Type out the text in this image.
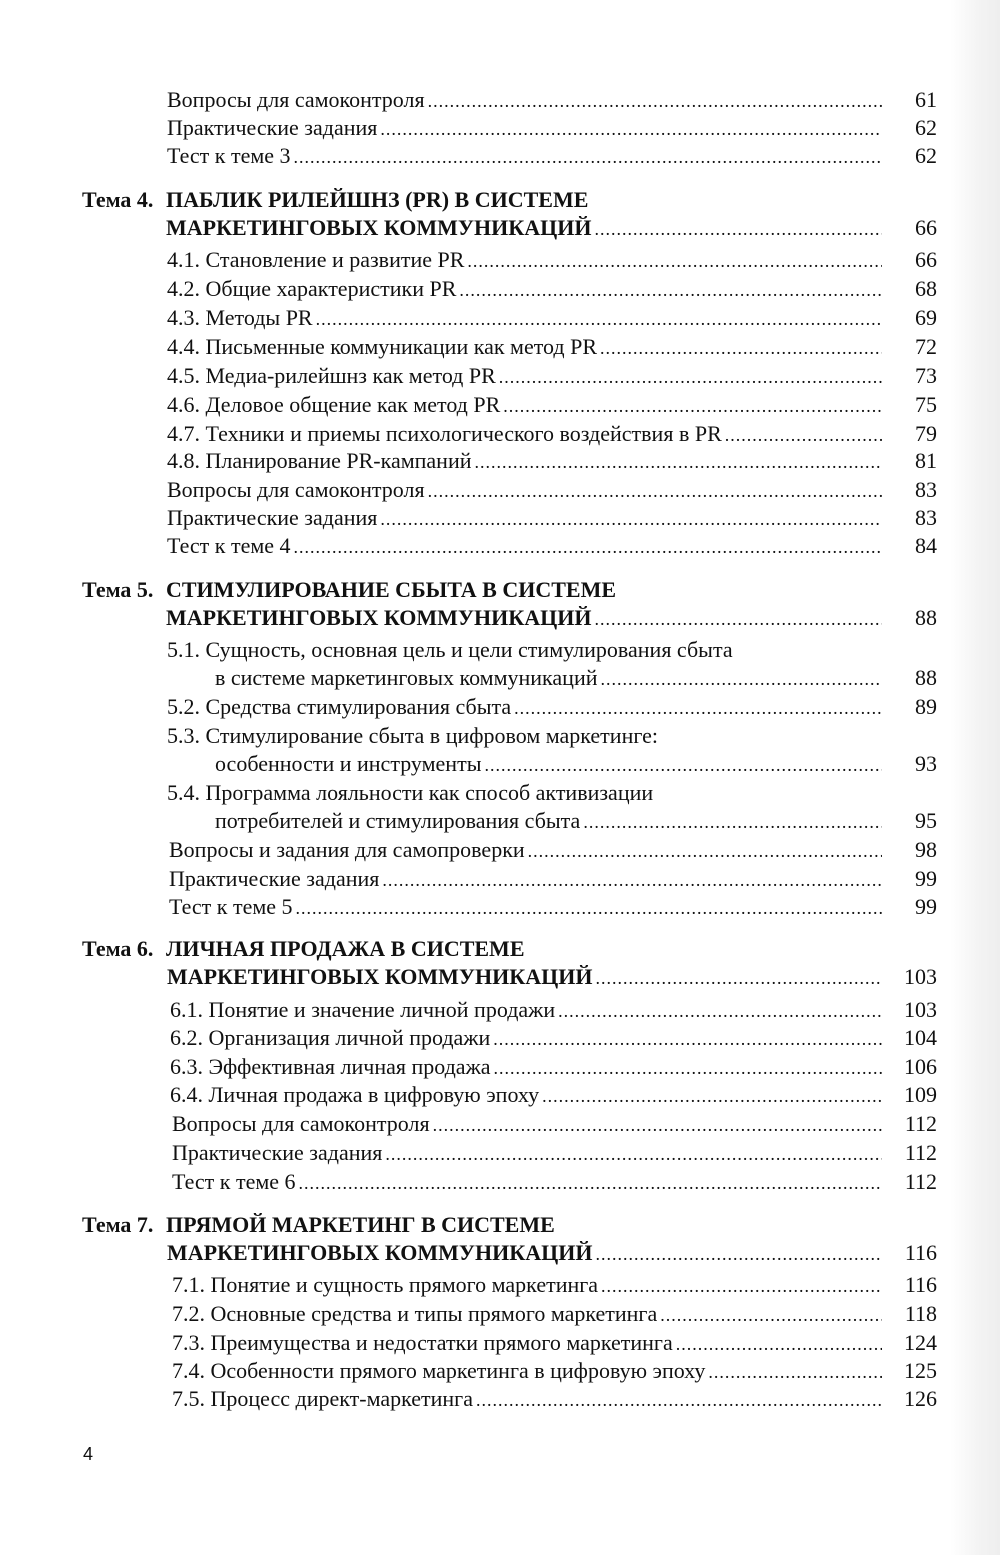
Вопросы для самоконтроля .....	61
Практические задания .....	62
Тест к теме 3 .....	62
Тема 4. ПАБЛИК РИЛЕЙШНЗ (PR) В СИСТЕМЕ
МАРКЕТИНГОВЫХ КОММУНИКАЦИЙ .....	66
4.1. Становление и развитие PR .....	66
4.2. Общие характеристики PR .....	68
4.3. Методы PR .....	69
4.4. Письменные коммуникации как метод PR .....	72
4.5. Медиа-рилейшнз как метод PR .....	73
4.6. Деловое общение как метод PR .....	75
4.7. Техники и приемы психологического воздействия в PR .....	79
4.8. Планирование PR-кампаний .....	81
Вопросы для самоконтроля .....	83
Практические задания .....	83
Тест к теме 4 .....	84
Тема 5. СТИМУЛИРОВАНИЕ СБЫТА В СИСТЕМЕ
МАРКЕТИНГОВЫХ КОММУНИКАЦИЙ .....	88
5.1. Сущность, основная цель и цели стимулирования сбыта
в системе маркетинговых коммуникаций .....	88
5.2. Средства стимулирования сбыта .....	89
5.3. Стимулирование сбыта в цифровом маркетинге:
особенности и инструменты .....	93
5.4. Программа лояльности как способ активизации
потребителей и стимулирования сбыта .....	95
Вопросы и задания для самопроверки .....	98
Практические задания .....	99
Тест к теме 5 .....	99
Тема 6. ЛИЧНАЯ ПРОДАЖА В СИСТЕМЕ
МАРКЕТИНГОВЫХ КОММУНИКАЦИЙ .....	103
6.1. Понятие и значение личной продажи .....	103
6.2. Организация личной продажи .....	104
6.3. Эффективная личная продажа .....	106
6.4. Личная продажа в цифровую эпоху .....	109
Вопросы для самоконтроля .....	112
Практические задания .....	112
Тест к теме 6 .....	112
Тема 7. ПРЯМОЙ МАРКЕТИНГ В СИСТЕМЕ
МАРКЕТИНГОВЫХ КОММУНИКАЦИЙ .....	116
7.1. Понятие и сущность прямого маркетинга .....	116
7.2. Основные средства и типы прямого маркетинга .....	118
7.3. Преимущества и недостатки прямого маркетинга .....	124
7.4. Особенности прямого маркетинга в цифровую эпоху .....	125
7.5. Процесс директ-маркетинга .....	126
4
